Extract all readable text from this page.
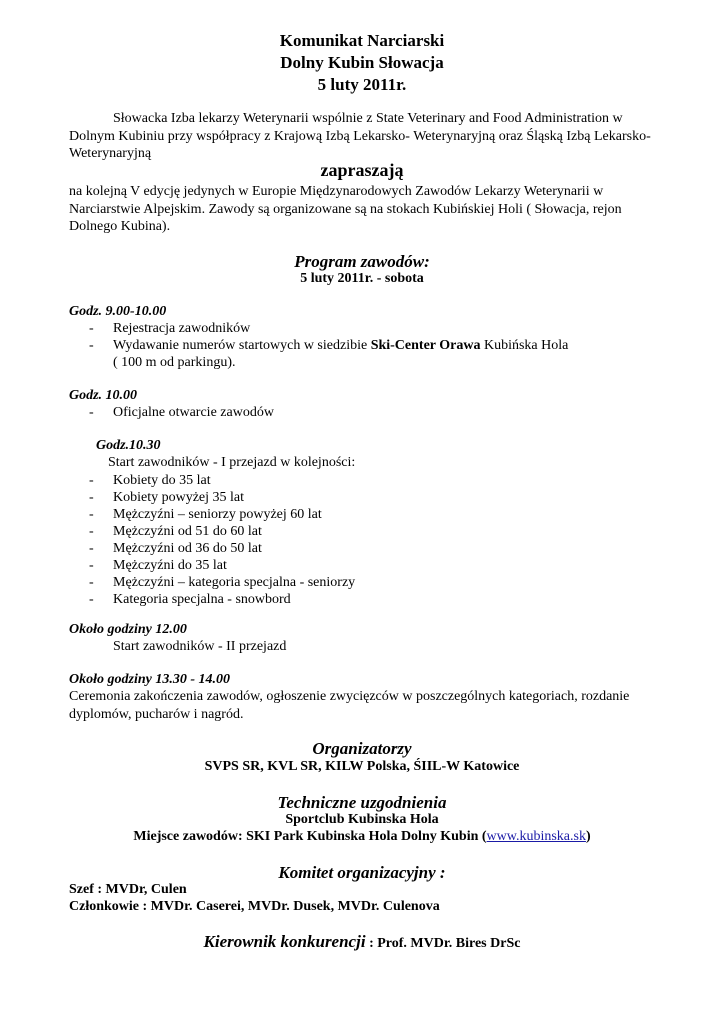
Komunikat Narciarski
Dolny Kubin Słowacja
5 luty 2011r.
Słowacka Izba lekarzy Weterynarii wspólnie z State Veterinary and Food Administration w Dolnym Kubiniu przy współpracy z Krajową Izbą Lekarsko- Weterynaryjną oraz Śląską Izbą Lekarsko-Weterynaryjną
zapraszają
na kolejną V edycję jedynych w Europie Międzynarodowych Zawodów Lekarzy Weterynarii w Narciarstwie Alpejskim. Zawody są organizowane są na stokach Kubińskiej Holi ( Słowacja, rejon Dolnego Kubina).
Program zawodów:
5 luty 2011r. - sobota
Godz. 9.00-10.00
- Rejestracja zawodników
- Wydawanie numerów startowych w siedzibie Ski-Center Orawa Kubińska Hola
( 100 m od parkingu).
Godz. 10.00
- Oficjalne otwarcie zawodów
Godz.10.30
Start zawodników - I przejazd w kolejności:
- Kobiety do 35 lat
- Kobiety powyżej 35 lat
- Mężczyźni – seniorzy powyżej 60 lat
- Mężczyźni od 51 do 60 lat
- Mężczyźni od 36 do 50 lat
- Mężczyźni do 35 lat
- Mężczyźni – kategoria specjalna - seniorzy
- Kategoria specjalna - snowbord
Około godziny 12.00
Start zawodników - II przejazd
Około godziny 13.30 - 14.00
Ceremonia zakończenia zawodów, ogłoszenie zwycięzców w poszczególnych kategoriach, rozdanie dyplomów, pucharów i nagród.
Organizatorzy
SVPS SR, KVL SR, KILW Polska, ŚIIL-W Katowice
Techniczne uzgodnienia
Sportclub Kubinska Hola
Miejsce zawodów: SKI Park Kubinska Hola Dolny Kubin (www.kubinska.sk)
Komitet organizacyjny :
Szef : MVDr, Culen
Członkowie : MVDr. Caserei, MVDr. Dusek, MVDr. Culenova
Kierownik konkurencji : Prof. MVDr. Bires DrSc
